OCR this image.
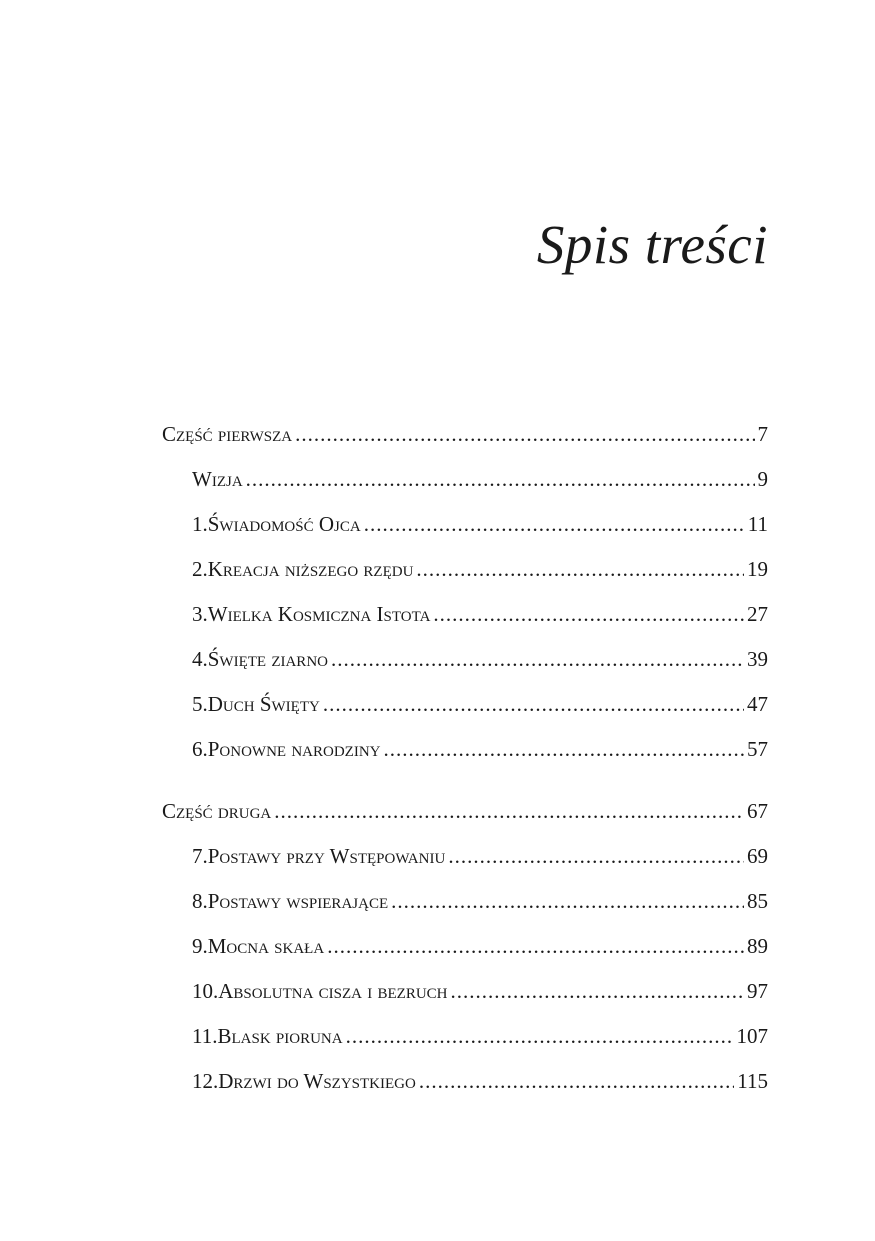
Spis treści
Część pierwsza .....	7
Wizja .....	9
1. Świadomość Ojca .....	11
2. Kreacja niższego rzędu .....	19
3. Wielka Kosmiczna Istota .....	27
4. Święte ziarno .....	39
5. Duch Święty .....	47
6. Ponowne narodziny .....	57
Część druga .....	67
7. Postawy przy Wstępowaniu .....	69
8. Postawy wspierające .....	85
9. Mocna skała .....	89
10. Absolutna cisza i bezruch .....	97
11. Blask pioruna .....	107
12. Drzwi do Wszystkiego .....	115
